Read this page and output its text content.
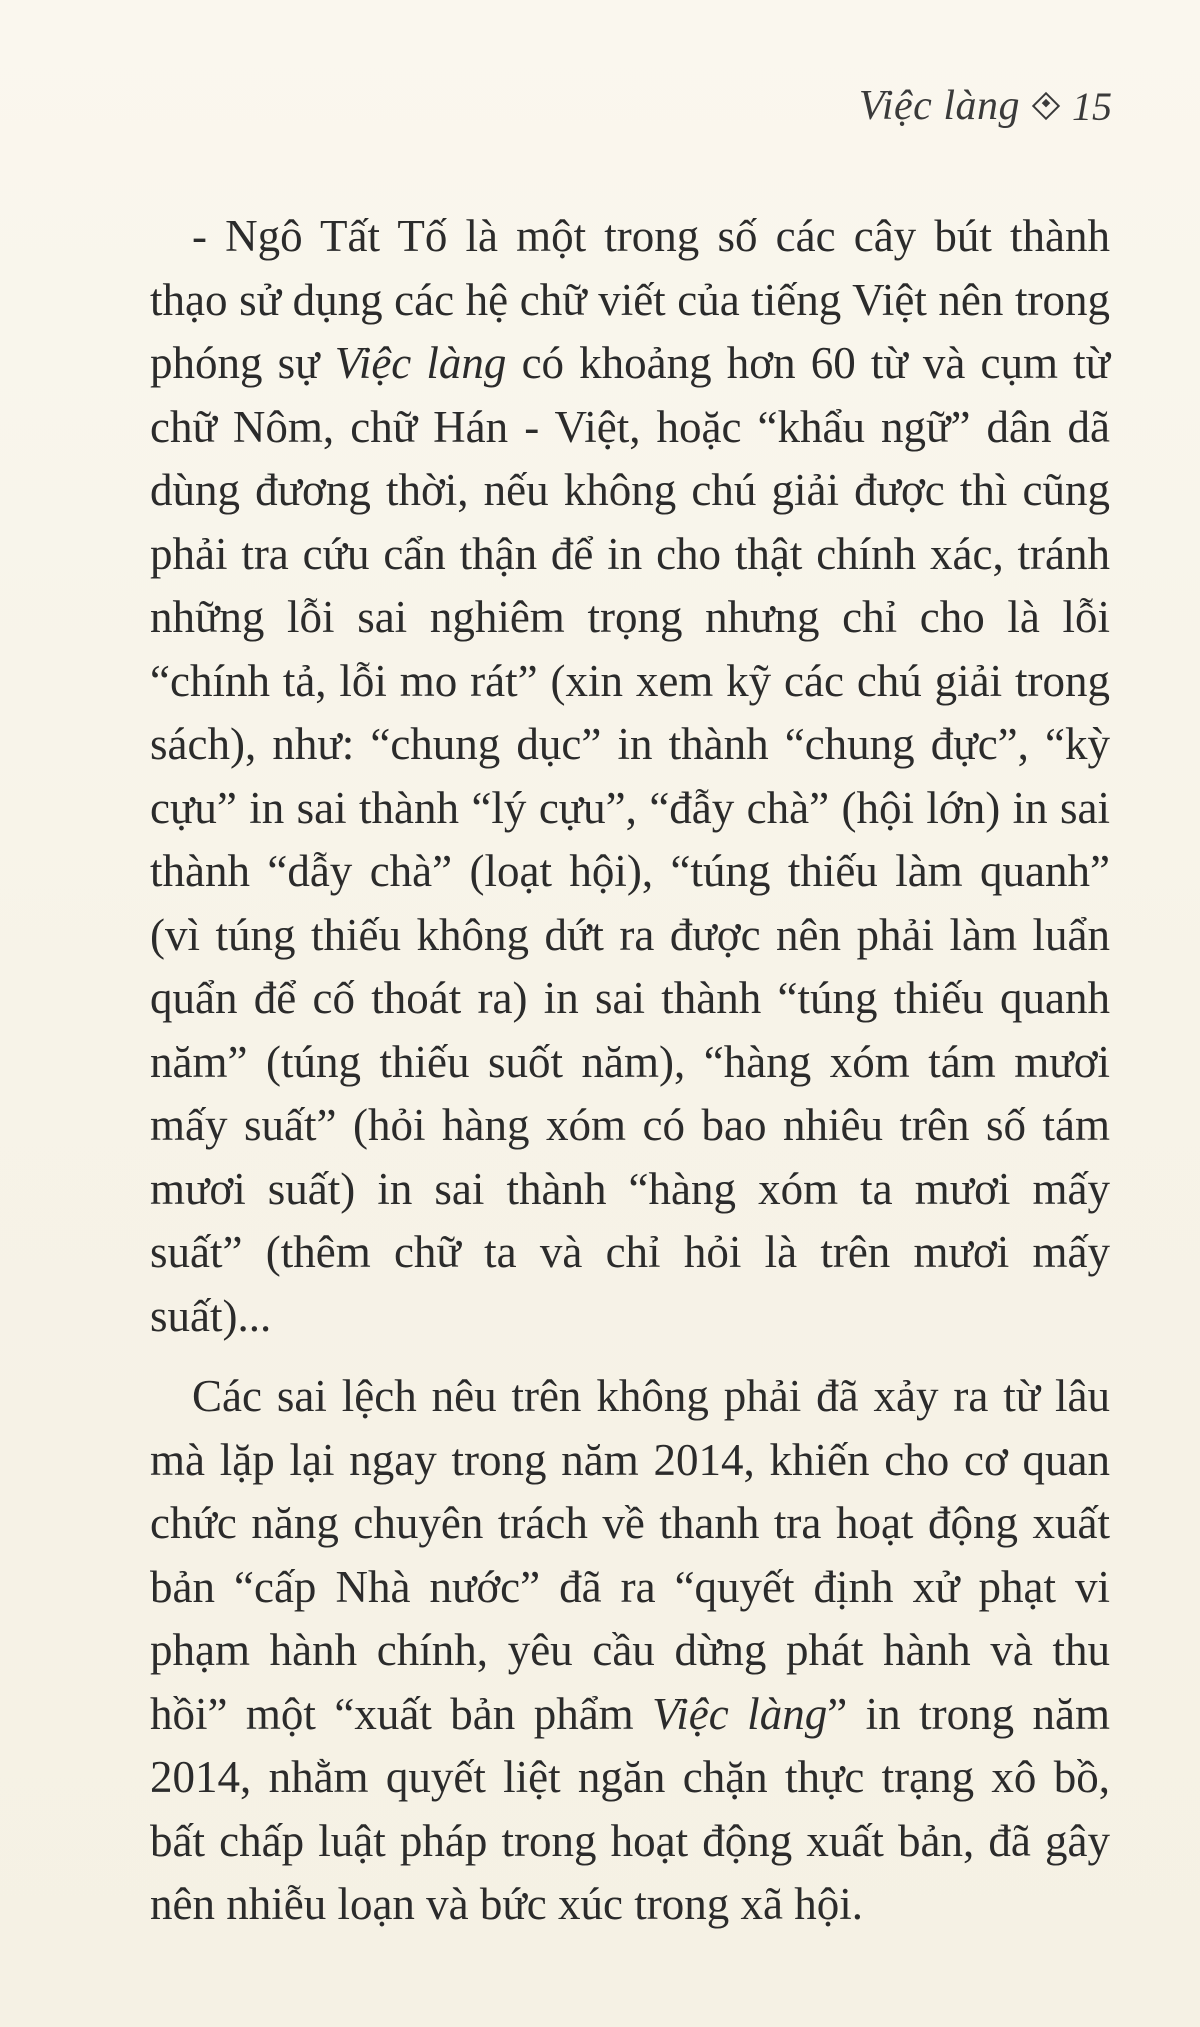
Việc làng 15

- Ngô Tất Tố là một trong số các cây bút thành thạo sử dụng các hệ chữ viết của tiếng Việt nên trong phóng sự Việc làng có khoảng hơn 60 từ và cụm từ chữ Nôm, chữ Hán - Việt, hoặc “khẩu ngữ” dân dã dùng đương thời, nếu không chú giải được thì cũng phải tra cứu cẩn thận để in cho thật chính xác, tránh những lỗi sai nghiêm trọng nhưng chỉ cho là lỗi “chính tả, lỗi mo rát” (xin xem kỹ các chú giải trong sách), như: “chung dục” in thành “chung đực”, “kỳ cựu” in sai thành “lý cựu”, “đẫy chà” (hội lớn) in sai thành “dẫy chà” (loạt hội), “túng thiếu làm quanh” (vì túng thiếu không dứt ra được nên phải làm luẩn quẩn để cố thoát ra) in sai thành “túng thiếu quanh năm” (túng thiếu suốt năm), “hàng xóm tám mươi mấy suất” (hỏi hàng xóm có bao nhiêu trên số tám mươi suất) in sai thành “hàng xóm ta mươi mấy suất” (thêm chữ ta và chỉ hỏi là trên mươi mấy suất)...

Các sai lệch nêu trên không phải đã xảy ra từ lâu mà lặp lại ngay trong năm 2014, khiến cho cơ quan chức năng chuyên trách về thanh tra hoạt động xuất bản “cấp Nhà nước” đã ra “quyết định xử phạt vi phạm hành chính, yêu cầu dừng phát hành và thu hồi” một “xuất bản phẩm Việc làng” in trong năm 2014, nhằm quyết liệt ngăn chặn thực trạng xô bồ, bất chấp luật pháp trong hoạt động xuất bản, đã gây nên nhiễu loạn và bức xúc trong xã hội.
